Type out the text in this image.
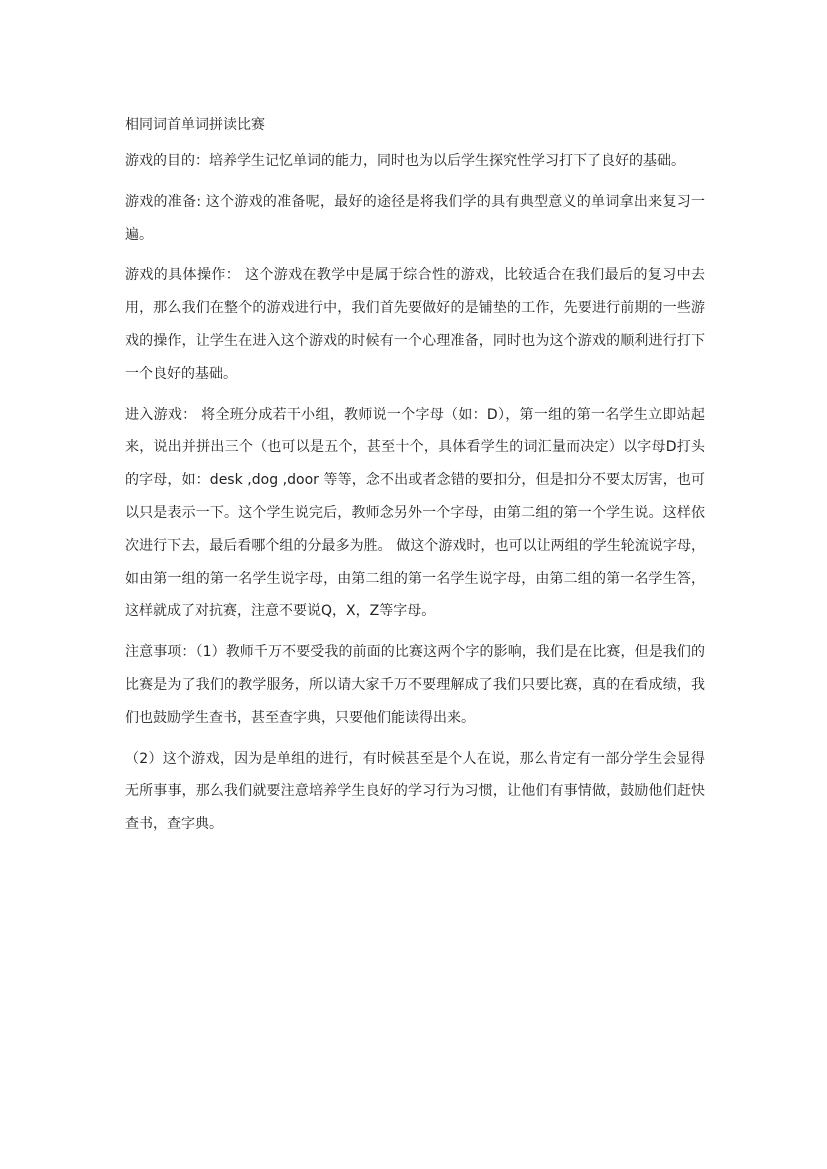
相同词首单词拼读比赛

游戏的目的：培养学生记忆单词的能力，同时也为以后学生探究性学习打下了良好的基础。

游戏的准备: 这个游戏的准备呢，最好的途径是将我们学的具有典型意义的单词拿出来复习一遍。

游戏的具体操作： 这个游戏在教学中是属于综合性的游戏，比较适合在我们最后的复习中去用，那么我们在整个的游戏进行中，我们首先要做好的是铺垫的工作，先要进行前期的一些游戏的操作，让学生在进入这个游戏的时候有一个心理准备，同时也为这个游戏的顺利进行打下一个良好的基础。

进入游戏： 将全班分成若干小组，教师说一个字母（如：D），第一组的第一名学生立即站起来，说出并拼出三个（也可以是五个，甚至十个，具体看学生的词汇量而决定）以字母D打头的字母，如：desk ,dog ,door 等等，念不出或者念错的要扣分，但是扣分不要太厉害，也可以只是表示一下。这个学生说完后，教师念另外一个字母，由第二组的第一个学生说。这样依次进行下去，最后看哪个组的分最多为胜。 做这个游戏时，也可以让两组的学生轮流说字母，如由第一组的第一名学生说字母，由第二组的第一名学生说字母，由第二组的第一名学生答，这样就成了对抗赛，注意不要说Q，X，Z等字母。

注意事项：（1）教师千万不要受我的前面的比赛这两个字的影响，我们是在比赛，但是我们的比赛是为了我们的教学服务，所以请大家千万不要理解成了我们只要比赛，真的在看成绩，我们也鼓励学生查书，甚至查字典，只要他们能读得出来。

（2）这个游戏，因为是单组的进行，有时候甚至是个人在说，那么肯定有一部分学生会显得无所事事，那么我们就要注意培养学生良好的学习行为习惯，让他们有事情做，鼓励他们赶快查书，查字典。
